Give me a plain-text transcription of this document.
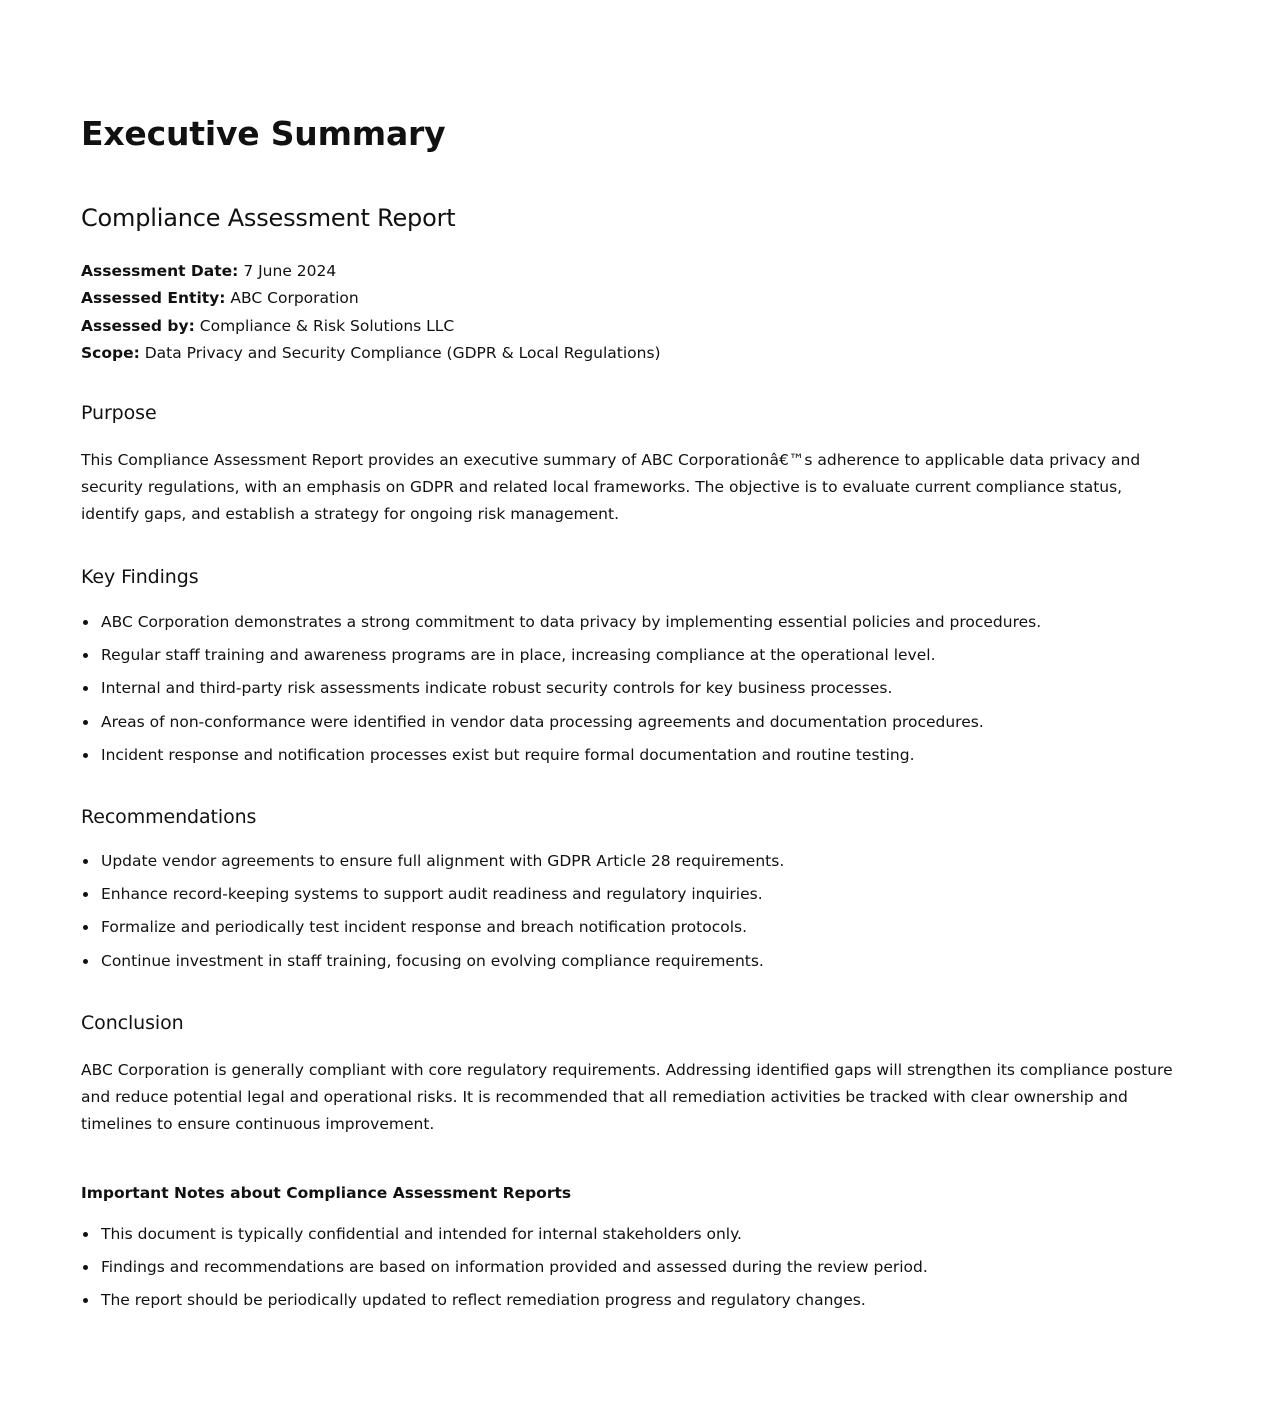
Executive Summary
Compliance Assessment Report
Assessment Date: 7 June 2024
Assessed Entity: ABC Corporation
Assessed by: Compliance & Risk Solutions LLC
Scope: Data Privacy and Security Compliance (GDPR & Local Regulations)
Purpose

This Compliance Assessment Report provides an executive summary of ABC Corporationâ€™s adherence to applicable data privacy and security regulations, with an emphasis on GDPR and related local frameworks. The objective is to evaluate current compliance status, identify gaps, and establish a strategy for ongoing risk management.

Key Findings
ABC Corporation demonstrates a strong commitment to data privacy by implementing essential policies and procedures.
Regular staff training and awareness programs are in place, increasing compliance at the operational level.
Internal and third-party risk assessments indicate robust security controls for key business processes.
Areas of non-conformance were identified in vendor data processing agreements and documentation procedures.
Incident response and notification processes exist but require formal documentation and routine testing.
Recommendations
Update vendor agreements to ensure full alignment with GDPR Article 28 requirements.
Enhance record-keeping systems to support audit readiness and regulatory inquiries.
Formalize and periodically test incident response and breach notification protocols.
Continue investment in staff training, focusing on evolving compliance requirements.
Conclusion

ABC Corporation is generally compliant with core regulatory requirements. Addressing identified gaps will strengthen its compliance posture and reduce potential legal and operational risks. It is recommended that all remediation activities be tracked with clear ownership and timelines to ensure continuous improvement.

Important Notes about Compliance Assessment Reports
This document is typically confidential and intended for internal stakeholders only.
Findings and recommendations are based on information provided and assessed during the review period.
The report should be periodically updated to reflect remediation progress and regulatory changes.
